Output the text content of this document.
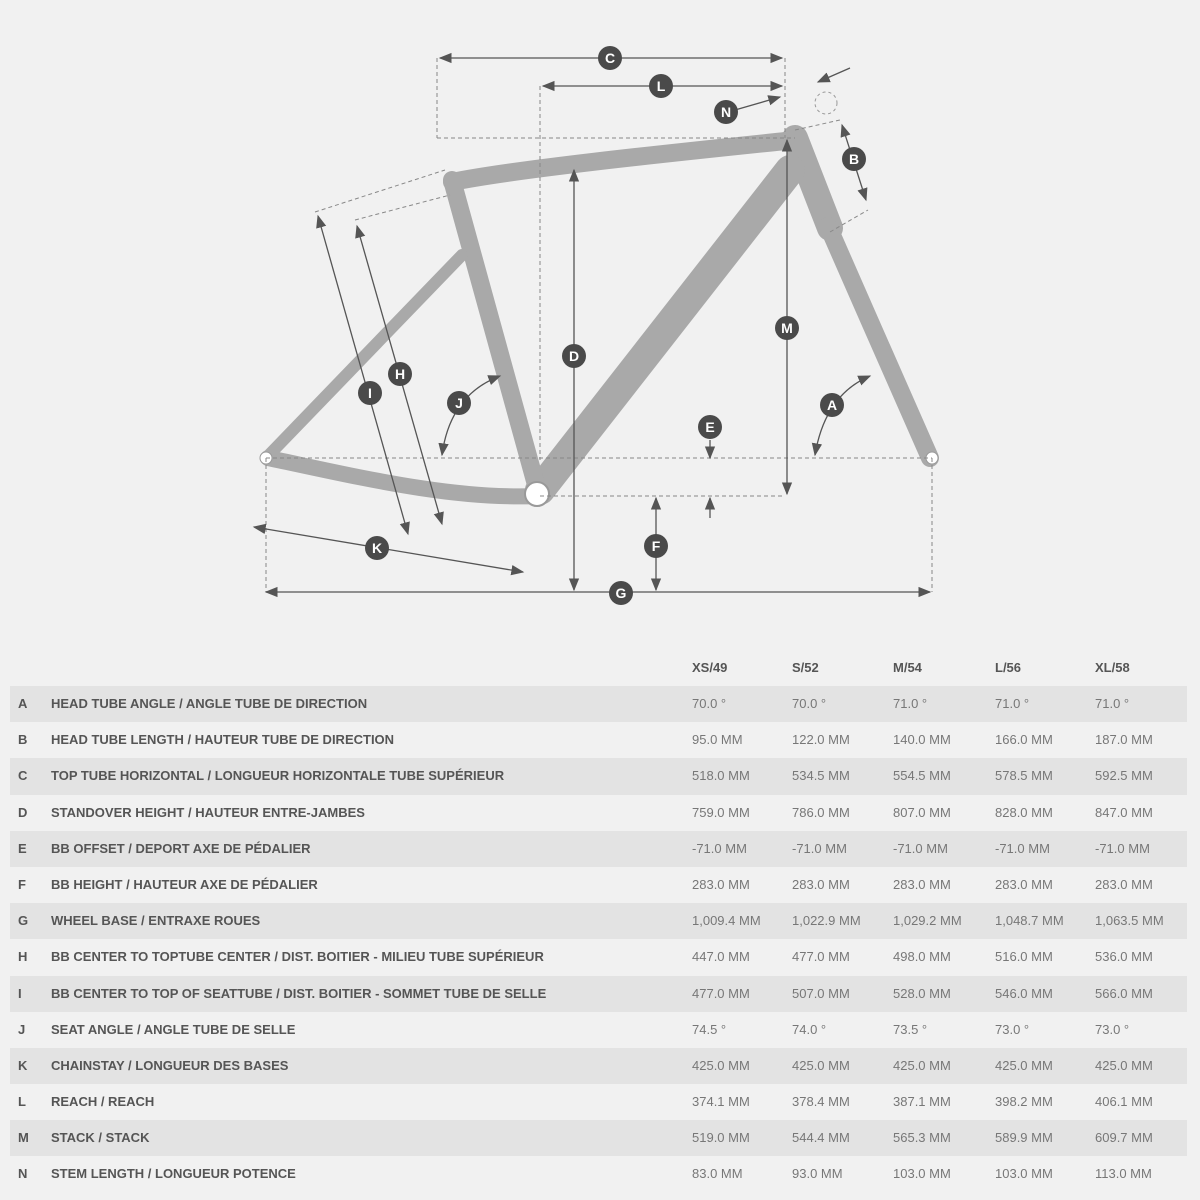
C
L
N
B
M
D
H
I
J	A
E
F
K
G
XS/49	S/52	M/54	L/56	XL/58
A HEAD TUBE ANGLE / ANGLE TUBE DE DIRECTION	70.0 °	70.0 °	71.0 °	71.0 °	71.0 °
B HEAD TUBE LENGTH / HAUTEUR TUBE DE DIRECTION	95.0 MM	122.0 MM	140.0 MM	166.0 MM	187.0 MM
C TOP TUBE HORIZONTAL / LONGUEUR HORIZONTALE TUBE SUPÉRIEUR	518.0 MM	534.5 MM	554.5 MM	578.5 MM	592.5 MM
D STANDOVER HEIGHT / HAUTEUR ENTRE-JAMBES	759.0 MM	786.0 MM	807.0 MM	828.0 MM	847.0 MM
E BB OFFSET / DEPORT AXE DE PÉDALIER	-71.0 MM	-71.0 MM	-71.0 MM	-71.0 MM	-71.0 MM
F BB HEIGHT / HAUTEUR AXE DE PÉDALIER	283.0 MM	283.0 MM	283.0 MM	283.0 MM	283.0 MM
G WHEEL BASE / ENTRAXE ROUES	1,009.4 MM 1,022.9 MM 1,029.2 MM	1,048.7 MM 1,063.5 MM
H BB CENTER TO TOPTUBE CENTER / DIST. BOITIER - MILIEU TUBE SUPÉRIEUR	447.0 MM	477.0 MM	498.0 MM	516.0 MM	536.0 MM
I BB CENTER TO TOP OF SEATTUBE / DIST. BOITIER - SOMMET TUBE DE SELLE	477.0 MM	507.0 MM	528.0 MM	546.0 MM	566.0 MM
J SEAT ANGLE / ANGLE TUBE DE SELLE	74.5 °	74.0 °	73.5 °	73.0 °	73.0 °
K CHAINSTAY / LONGUEUR DES BASES	425.0 MM	425.0 MM	425.0 MM	425.0 MM	425.0 MM
L REACH / REACH	374.1 MM	378.4 MM	387.1 MM	398.2 MM	406.1 MM
M STACK / STACK	519.0 MM	544.4 MM	565.3 MM	589.9 MM	609.7 MM
N STEM LENGTH / LONGUEUR POTENCE	83.0 MM	93.0 MM	103.0 MM	103.0 MM	113.0 MM
